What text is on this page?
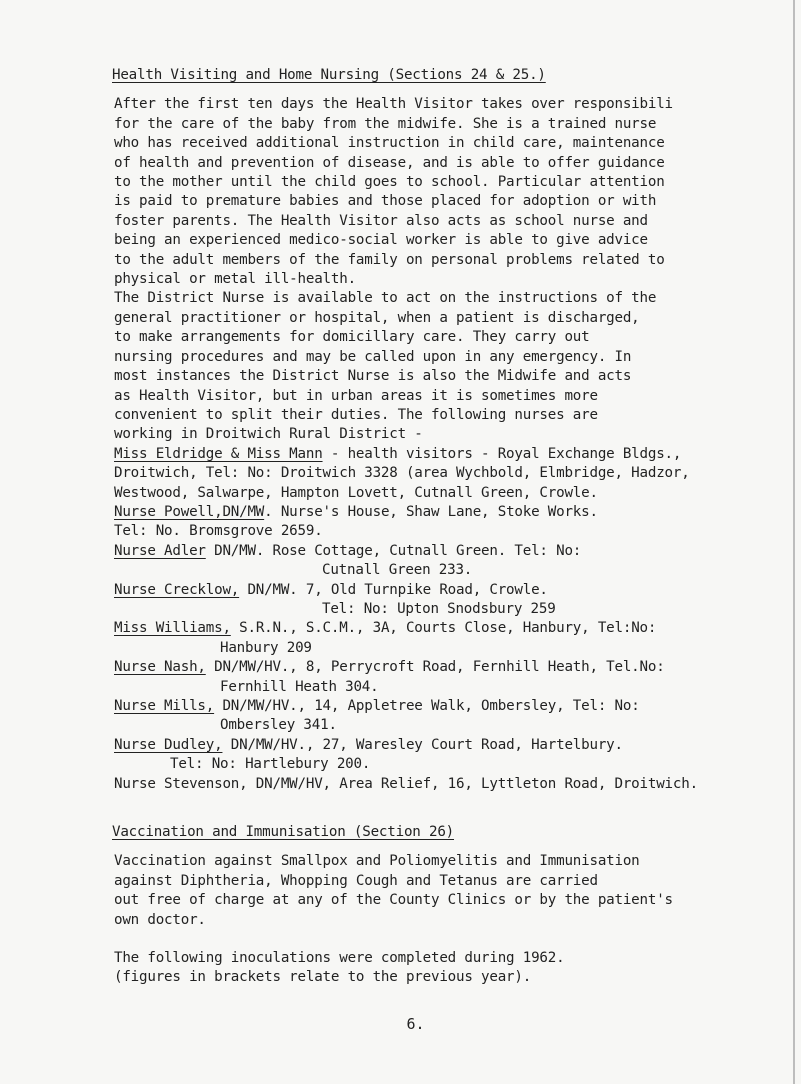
Health Visiting and Home Nursing (Sections 24 & 25.)
After the first ten days the Health Visitor takes over responsibili
for the care of the baby from the midwife. She is a trained nurse
who has received additional instruction in child care, maintenance
of health and prevention of disease, and is able to offer guidance
to the mother until the child goes to school. Particular attention
is paid to premature babies and those placed for adoption or with
foster parents. The Health Visitor also acts as school nurse and
being an experienced medico-social worker is able to give advice
to the adult members of the family on personal problems related to
physical or metal ill-health.
The District Nurse is available to act on the instructions of the
general practitioner or hospital, when a patient is discharged,
to make arrangements for domicillary care. They carry out
nursing procedures and may be called upon in any emergency. In
most instances the District Nurse is also the Midwife and acts
as Health Visitor, but in urban areas it is sometimes more
convenient to split their duties. The following nurses are
working in Droitwich Rural District -
Miss Eldridge & Miss Mann - health visitors - Royal Exchange Bldgs.,
Droitwich, Tel: No: Droitwich 3328 (area Wychbold, Elmbridge, Hadzor,
Westwood, Salwarpe, Hampton Lovett, Cutnall Green, Crowle.
Nurse Powell,DN/MW. Nurse's House, Shaw Lane, Stoke Works.
Tel: No. Bromsgrove 2659.
Nurse Adler DN/MW. Rose Cottage, Cutnall Green. Tel: No:
Cutnall Green 233.
Nurse Crecklow, DN/MW. 7, Old Turnpike Road, Crowle.
Tel: No: Upton Snodsbury 259
Miss Williams, S.R.N., S.C.M., 3A, Courts Close, Hanbury, Tel:No:
Hanbury 209
Nurse Nash, DN/MW/HV., 8, Perrycroft Road, Fernhill Heath, Tel.No:
Fernhill Heath 304.
Nurse Mills, DN/MW/HV., 14, Appletree Walk, Ombersley, Tel: No:
Ombersley 341.
Nurse Dudley, DN/MW/HV., 27, Waresley Court Road, Hartelbury.
Tel: No: Hartlebury 200.
Nurse Stevenson, DN/MW/HV, Area Relief, 16, Lyttleton Road, Droitwich.
Vaccination and Immunisation (Section 26)
Vaccination against Smallpox and Poliomyelitis and Immunisation
against Diphtheria, Whopping Cough and Tetanus are carried
out free of charge at any of the County Clinics or by the patient's
own doctor.
The following inoculations were completed during 1962.
(figures in brackets relate to the previous year).
6.
